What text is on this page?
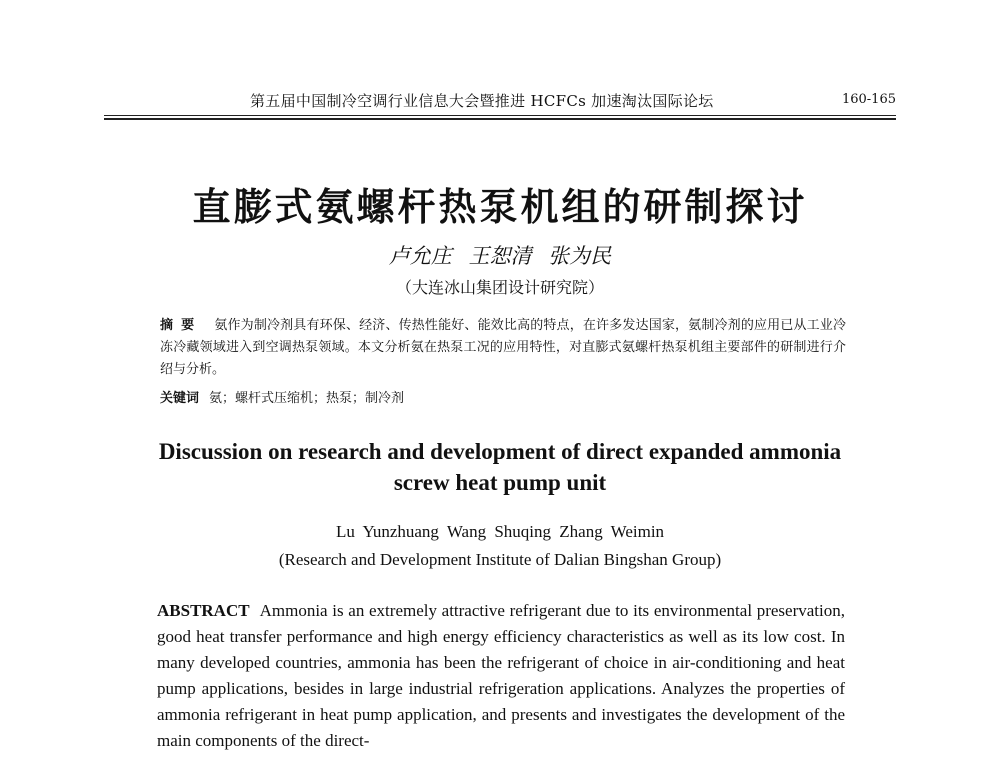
第五届中国制冷空调行业信息大会暨推进 HCFCs 加速淘汰国际论坛	160-165
直膨式氨螺杆热泵机组的研制探讨
卢允庄 王恕清 张为民
（大连冰山集团设计研究院）
摘要 氨作为制冷剂具有环保、经济、传热性能好、能效比高的特点，在许多发达国家，氨制冷剂的应用已从工业冷冻冷藏领域进入到空调热泵领域。本文分析氨在热泵工况的应用特性，对直膨式氨螺杆热泵机组主要部件的研制进行介绍与分析。
关键词 氨；螺杆式压缩机；热泵；制冷剂
Discussion on research and development of direct expanded ammonia screw heat pump unit
Lu Yunzhuang Wang Shuqing Zhang Weimin
(Research and Development Institute of Dalian Bingshan Group)
ABSTRACT Ammonia is an extremely attractive refrigerant due to its environmental preservation, good heat transfer performance and high energy efficiency characteristics as well as its low cost. In many developed countries, ammonia has been the refrigerant of choice in air-conditioning and heat pump applications, besides in large industrial refrigeration applications. Analyzes the properties of ammonia refrigerant in heat pump application, and presents and investigates the development of the main components of the direct-
